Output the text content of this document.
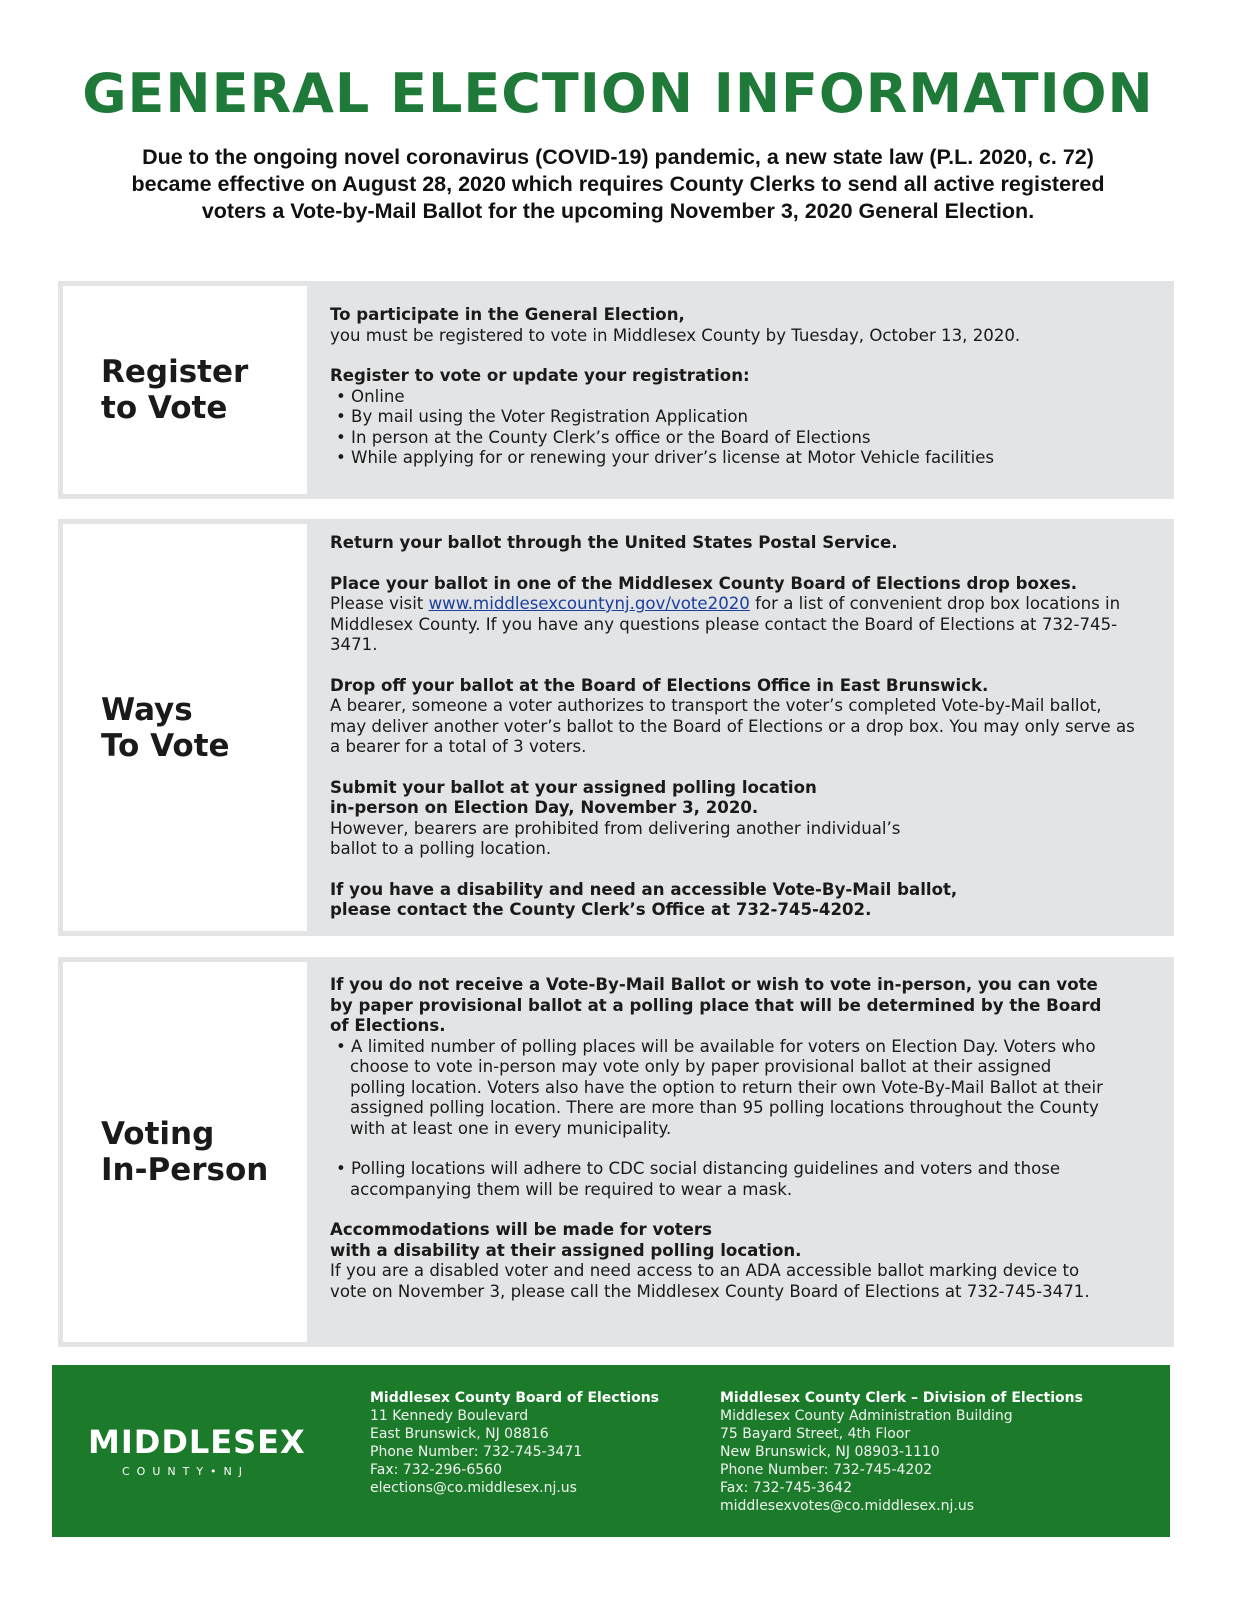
GENERAL ELECTION INFORMATION
Due to the ongoing novel coronavirus (COVID-19) pandemic, a new state law (P.L. 2020, c. 72) became effective on August 28, 2020 which requires County Clerks to send all active registered voters a Vote-by-Mail Ballot for the upcoming November 3, 2020 General Election.
Register
to Vote
To participate in the General Election,
you must be registered to vote in Middlesex County by Tuesday, October 13, 2020.
Register to vote or update your registration:
• Online
• By mail using the Voter Registration Application
• In person at the County Clerk’s office or the Board of Elections
• While applying for or renewing your driver’s license at Motor Vehicle facilities
Ways
To Vote
Return your ballot through the United States Postal Service.
Place your ballot in one of the Middlesex County Board of Elections drop boxes.
Please visit www.middlesexcountynj.gov/vote2020 for a list of convenient drop box locations in Middlesex County. If you have any questions please contact the Board of Elections at 732-745-3471.
Drop off your ballot at the Board of Elections Office in East Brunswick.
A bearer, someone a voter authorizes to transport the voter’s completed Vote-by-Mail ballot, may deliver another voter’s ballot to the Board of Elections or a drop box. You may only serve as a bearer for a total of 3 voters.
Submit your ballot at your assigned polling location
in-person on Election Day, November 3, 2020.
However, bearers are prohibited from delivering another individual’s
ballot to a polling location.
If you have a disability and need an accessible Vote-By-Mail ballot,
please contact the County Clerk’s Office at 732-745-4202.
Voting
In-Person
If you do not receive a Vote-By-Mail Ballot or wish to vote in-person, you can vote by paper provisional ballot at a polling place that will be determined by the Board of Elections.
• A limited number of polling places will be available for voters on Election Day. Voters who choose to vote in-person may vote only by paper provisional ballot at their assigned polling location. Voters also have the option to return their own Vote-By-Mail Ballot at their assigned polling location. There are more than 95 polling locations throughout the County with at least one in every municipality.
• Polling locations will adhere to CDC social distancing guidelines and voters and those accompanying them will be required to wear a mask.
Accommodations will be made for voters
with a disability at their assigned polling location.
If you are a disabled voter and need access to an ADA accessible ballot marking device to vote on November 3, please call the Middlesex County Board of Elections at 732-745-3471.
MIDDLESEX
COUNTY•NJ
Middlesex County Board of Elections
11 Kennedy Boulevard
East Brunswick, NJ 08816
Phone Number: 732-745-3471
Fax: 732-296-6560
elections@co.middlesex.nj.us
Middlesex County Clerk – Division of Elections
Middlesex County Administration Building
75 Bayard Street, 4th Floor
New Brunswick, NJ 08903-1110
Phone Number: 732-745-4202
Fax: 732-745-3642
middlesexvotes@co.middlesex.nj.us
